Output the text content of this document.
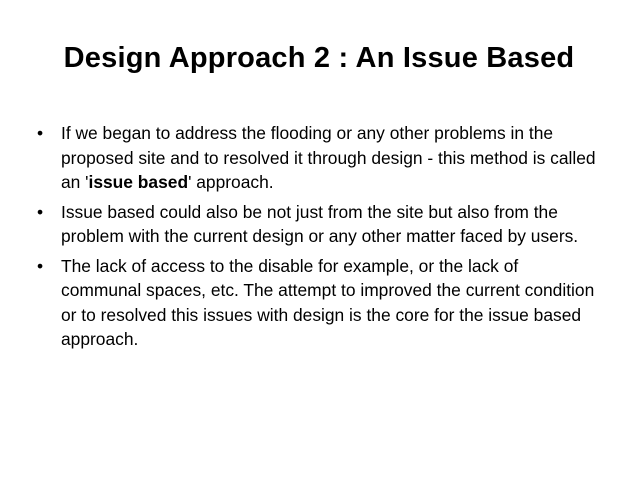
Design Approach 2 : An Issue Based
• If we began to address the flooding or any other problems in the proposed site and to resolved it through design - this method is called an 'issue based' approach.
• Issue based could also be not just from the site but also from the problem with the current design or any other matter faced by users.
• The lack of access to the disable for example, or the lack of communal spaces, etc. The attempt to improved the current condition or to resolved this issues with design is the core for the issue based approach.
